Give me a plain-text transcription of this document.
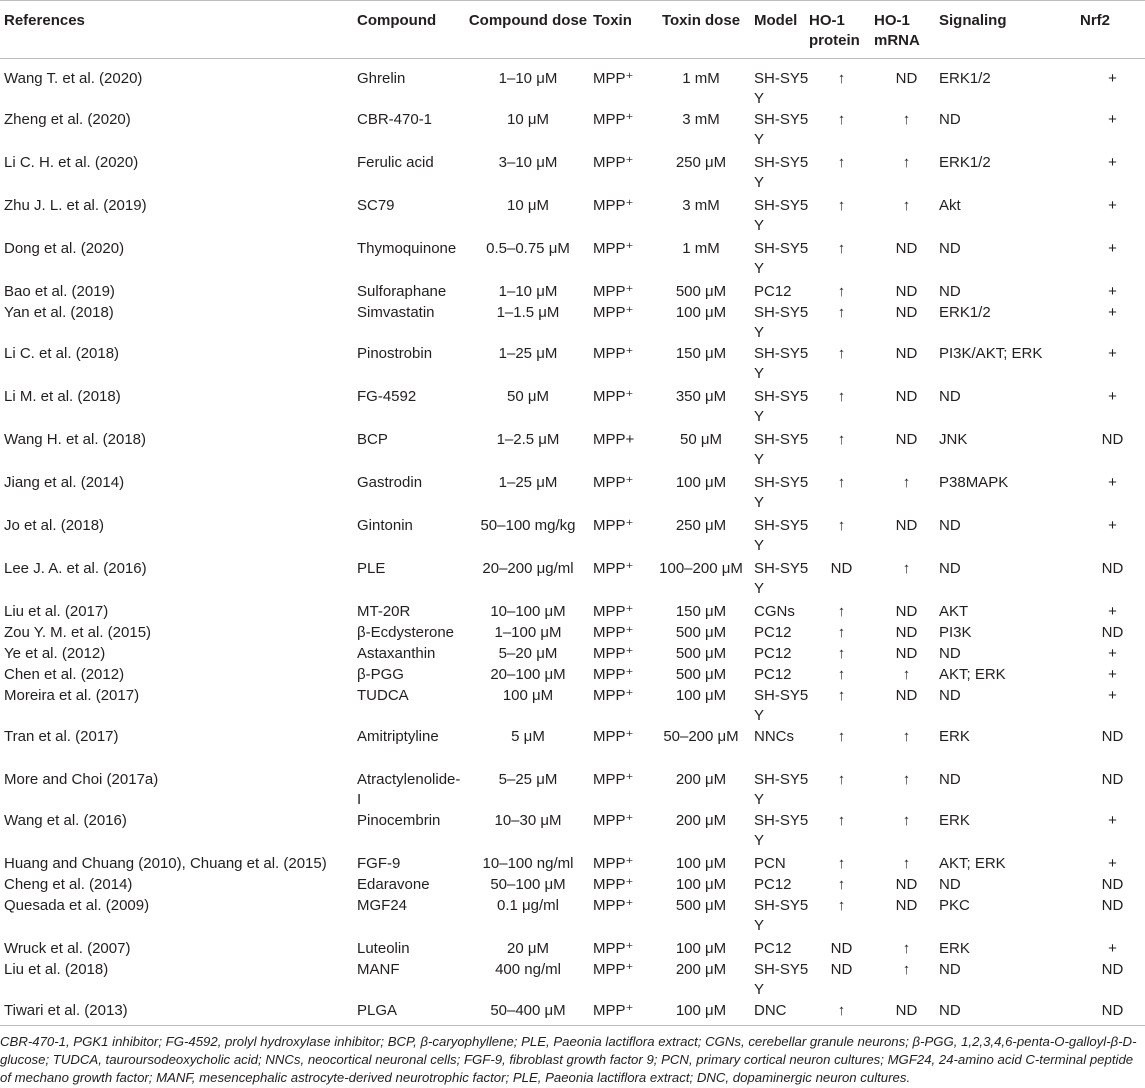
References	Compound	Compound dose	Toxin	Toxin dose	Model	HO-1 protein	HO-1 mRNA	Signaling	Nrf2
Wang T. et al. (2020)	Ghrelin	1–10 μM	MPP⁺	1 mM	SH-SY5Y	↑	ND	ERK1/2	+
Zheng et al. (2020)	CBR-470-1	10 μM	MPP⁺	3 mM	SH-SY5Y	↑	↑	ND	+
Li C. H. et al. (2020)	Ferulic acid	3–10 μM	MPP⁺	250 μM	SH-SY5Y	↑	↑	ERK1/2	+
Zhu J. L. et al. (2019)	SC79	10 μM	MPP⁺	3 mM	SH-SY5Y	↑	↑	Akt	+
Dong et al. (2020)	Thymoquinone	0.5–0.75 μM	MPP⁺	1 mM	SH-SY5Y	↑	ND	ND	+
Bao et al. (2019)	Sulforaphane	1–10 μM	MPP⁺	500 μM	PC12	↑	ND	ND	+
Yan et al. (2018)	Simvastatin	1–1.5 μM	MPP⁺	100 μM	SH-SY5Y	↑	ND	ERK1/2	+
Li C. et al. (2018)	Pinostrobin	1–25 μM	MPP⁺	150 μM	SH-SY5Y	↑	ND	PI3K/AKT; ERK	+
Li M. et al. (2018)	FG-4592	50 μM	MPP⁺	350 μM	SH-SY5Y	↑	ND	ND	+
Wang H. et al. (2018)	BCP	1–2.5 μM	MPP+	50 μM	SH-SY5Y	↑	ND	JNK	ND
Jiang et al. (2014)	Gastrodin	1–25 μM	MPP⁺	100 μM	SH-SY5Y	↑	↑	P38MAPK	+
Jo et al. (2018)	Gintonin	50–100 mg/kg	MPP⁺	250 μM	SH-SY5Y	↑	ND	ND	+
Lee J. A. et al. (2016)	PLE	20–200 μg/ml	MPP⁺	100–200 μM	SH-SY5Y	ND	↑	ND	ND
Liu et al. (2017)	MT-20R	10–100 μM	MPP⁺	150 μM	CGNs	↑	ND	AKT	+
Zou Y. M. et al. (2015)	β-Ecdysterone	1–100 μM	MPP⁺	500 μM	PC12	↑	ND	PI3K	ND
Ye et al. (2012)	Astaxanthin	5–20 μM	MPP⁺	500 μM	PC12	↑	ND	ND	+
Chen et al. (2012)	β-PGG	20–100 μM	MPP⁺	500 μM	PC12	↑	↑	AKT; ERK	+
Moreira et al. (2017)	TUDCA	100 μM	MPP⁺	100 μM	SH-SY5Y	↑	ND	ND	+
Tran et al. (2017)	Amitriptyline	5 μM	MPP⁺	50–200 μM	NNCs	↑	↑	ERK	ND
More and Choi (2017a)	Atractylenolide-I	5–25 μM	MPP⁺	200 μM	SH-SY5Y	↑	↑	ND	ND
Wang et al. (2016)	Pinocembrin	10–30 μM	MPP⁺	200 μM	SH-SY5Y	↑	↑	ERK	+
Huang and Chuang (2010), Chuang et al. (2015)	FGF-9	10–100 ng/ml	MPP⁺	100 μM	PCN	↑	↑	AKT; ERK	+
Cheng et al. (2014)	Edaravone	50–100 μM	MPP⁺	100 μM	PC12	↑	ND	ND	ND
Quesada et al. (2009)	MGF24	0.1 μg/ml	MPP⁺	500 μM	SH-SY5Y	↑	ND	PKC	ND
Wruck et al. (2007)	Luteolin	20 μM	MPP⁺	100 μM	PC12	ND	↑	ERK	+
Liu et al. (2018)	MANF	400 ng/ml	MPP⁺	200 μM	SH-SY5Y	ND	↑	ND	ND
Tiwari et al. (2013)	PLGA	50–400 μM	MPP⁺	100 μM	DNC	↑	ND	ND	ND
CBR-470-1, PGK1 inhibitor; FG-4592, prolyl hydroxylase inhibitor; BCP, β-caryophyllene; PLE, Paeonia lactiflora extract; CGNs, cerebellar granule neurons; β-PGG, 1,2,3,4,6-penta-O-galloyl-β-D-glucose; TUDCA, tauroursodeoxycholic acid; NNCs, neocortical neuronal cells; FGF-9, fibroblast growth factor 9; PCN, primary cortical neuron cultures; MGF24, 24-amino acid C-terminal peptide of mechano growth factor; MANF, mesencephalic astrocyte-derived neurotrophic factor; PLE, Paeonia lactiflora extract; DNC, dopaminergic neuron cultures.
